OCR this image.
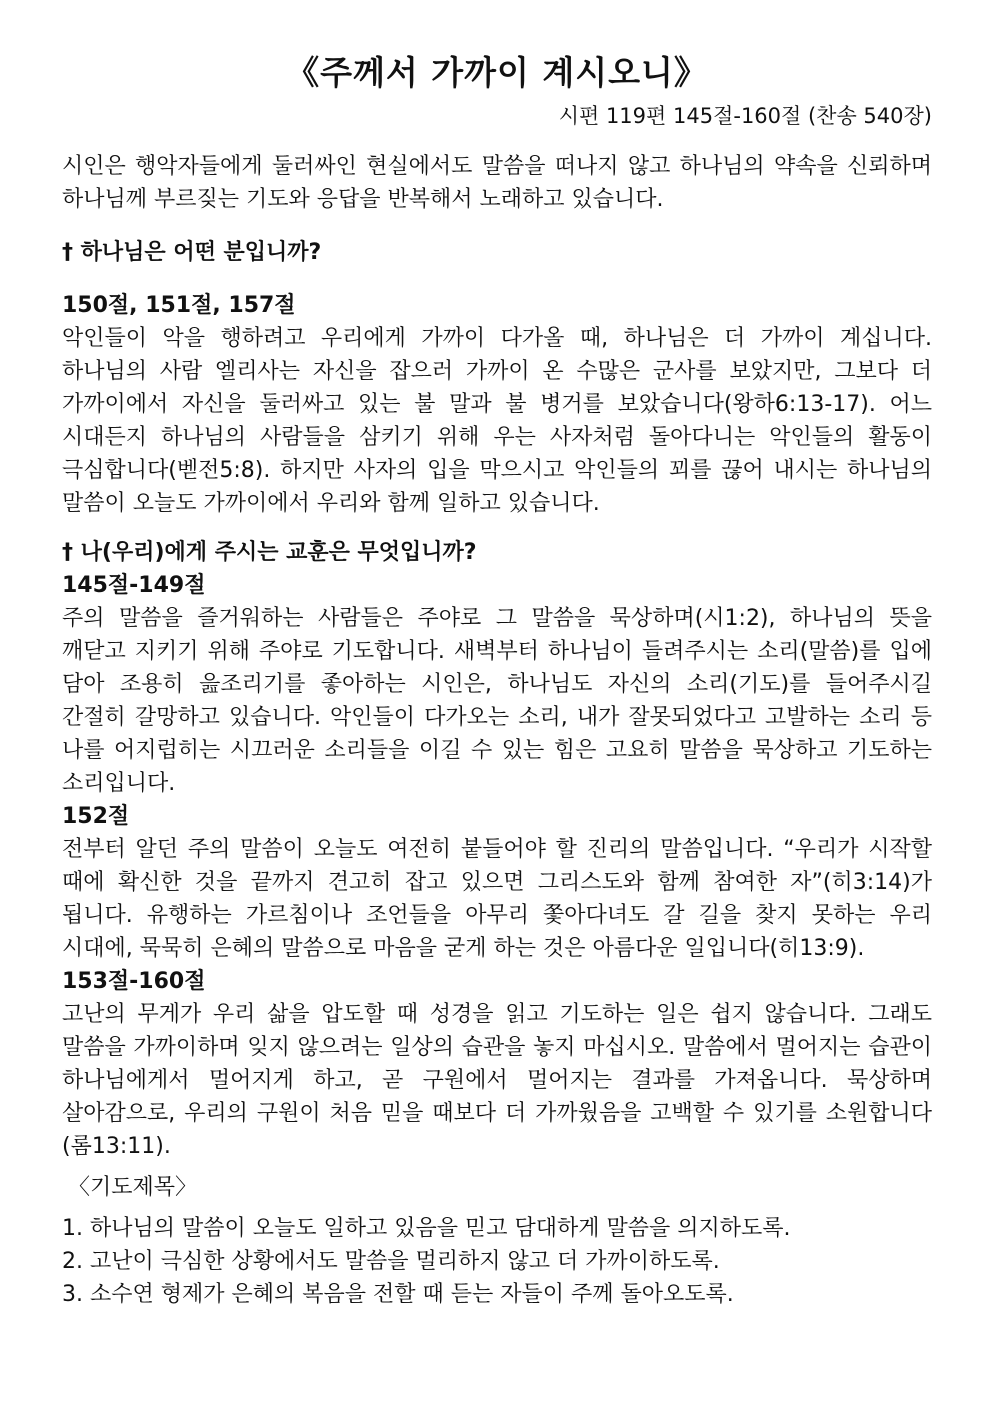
《주께서 가까이 계시오니》
시편 119편 145절-160절 (찬송 540장)

시인은 행악자들에게 둘러싸인 현실에서도 말씀을 떠나지 않고 하나님의 약속을 신뢰하며 하나님께 부르짖는 기도와 응답을 반복해서 노래하고 있습니다.

† 하나님은 어떤 분입니까?
150절, 151절, 157절

악인들이 악을 행하려고 우리에게 가까이 다가올 때, 하나님은 더 가까이 계십니다. 하나님의 사람 엘리사는 자신을 잡으러 가까이 온 수많은 군사를 보았지만, 그보다 더 가까이에서 자신을 둘러싸고 있는 불 말과 불 병거를 보았습니다(왕하6:13-17). 어느 시대든지 하나님의 사람들을 삼키기 위해 우는 사자처럼 돌아다니는 악인들의 활동이 극심합니다(벧전5:8). 하지만 사자의 입을 막으시고 악인들의 꾀를 끊어 내시는 하나님의 말씀이 오늘도 가까이에서 우리와 함께 일하고 있습니다.

† 나(우리)에게 주시는 교훈은 무엇입니까?
145절-149절

주의 말씀을 즐거워하는 사람들은 주야로 그 말씀을 묵상하며(시1:2), 하나님의 뜻을 깨닫고 지키기 위해 주야로 기도합니다. 새벽부터 하나님이 들려주시는 소리(말씀)를 입에 담아 조용히 읊조리기를 좋아하는 시인은, 하나님도 자신의 소리(기도)를 들어주시길 간절히 갈망하고 있습니다. 악인들이 다가오는 소리, 내가 잘못되었다고 고발하는 소리 등 나를 어지럽히는 시끄러운 소리들을 이길 수 있는 힘은 고요히 말씀을 묵상하고 기도하는 소리입니다.

152절

전부터 알던 주의 말씀이 오늘도 여전히 붙들어야 할 진리의 말씀입니다. “우리가 시작할 때에 확신한 것을 끝까지 견고히 잡고 있으면 그리스도와 함께 참여한 자”(히3:14)가 됩니다. 유행하는 가르침이나 조언들을 아무리 쫓아다녀도 갈 길을 찾지 못하는 우리 시대에, 묵묵히 은혜의 말씀으로 마음을 굳게 하는 것은 아름다운 일입니다(히13:9).

153절-160절

고난의 무게가 우리 삶을 압도할 때 성경을 읽고 기도하는 일은 쉽지 않습니다. 그래도 말씀을 가까이하며 잊지 않으려는 일상의 습관을 놓지 마십시오. 말씀에서 멀어지는 습관이 하나님에게서 멀어지게 하고, 곧 구원에서 멀어지는 결과를 가져옵니다. 묵상하며 살아감으로, 우리의 구원이 처음 믿을 때보다 더 가까웠음을 고백할 수 있기를 소원합니다(롬13:11).

〈기도제목〉
1. 하나님의 말씀이 오늘도 일하고 있음을 믿고 담대하게 말씀을 의지하도록.
2. 고난이 극심한 상황에서도 말씀을 멀리하지 않고 더 가까이하도록.
3. 소수연 형제가 은혜의 복음을 전할 때 듣는 자들이 주께 돌아오도록.
